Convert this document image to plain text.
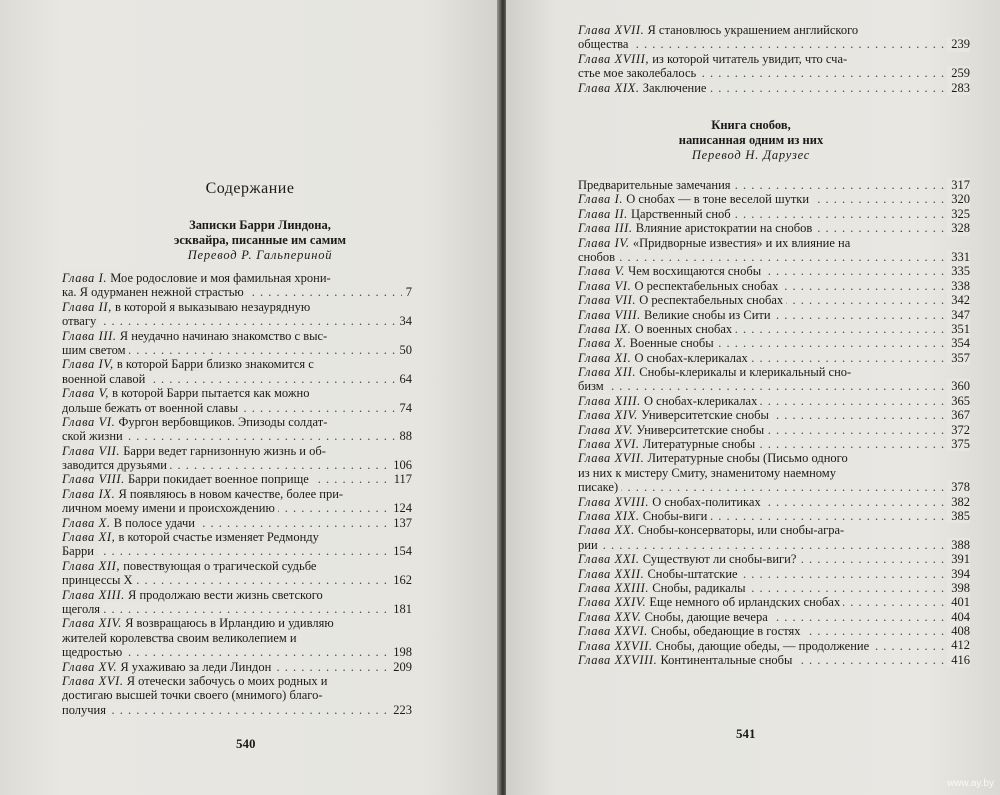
Содержание
Записки Барри Линдона,
эсквайра, писанные им самим
Перевод Р. Гальпериной
Глава I. Мое родословие и моя фамильная хрони-
ка. Я одурманен нежной страстью . . .	7
Глава II, в которой я выказываю незаурядную
отвагу . . .	34
Глава III. Я неудачно начинаю знакомство с выс-
шим светом . . .	50
Глава IV, в которой Барри близко знакомится с
военной славой . . .	64
Глава V, в которой Барри пытается как можно
дольше бежать от военной славы . . .	74
Глава VI. Фургон вербовщиков. Эпизоды солдат-
ской жизни . . .	88
Глава VII. Барри ведет гарнизонную жизнь и об-
заводится друзьями . . .	106
Глава VIII. Барри покидает военное поприще . . .	117
Глава IX. Я появляюсь в новом качестве, более при-
личном моему имени и происхождению . . .	124
Глава X. В полосе удачи . . .	137
Глава XI, в которой счастье изменяет Редмонду
Барри . . .	154
Глава XII, повествующая о трагической судьбе
принцессы X . . .	162
Глава XIII. Я продолжаю вести жизнь светского
щеголя . . .	181
Глава XIV. Я возвращаюсь в Ирландию и удивляю
жителей королевства своим великолепием и
щедростью . . .	198
Глава XV. Я ухаживаю за леди Линдон . . .	209
Глава XVI. Я отечески забочусь о моих родных и
достигаю высшей точки своего (мнимого) благо-
получия . . .	223
540
Глава XVII. Я становлюсь украшением английского
общества . . .	239
Глава XVIII, из которой читатель увидит, что сча-
стье мое заколебалось . . .	259
Глава XIX. Заключение . . .	283
Книга снобов,
написанная одним из них
Перевод Н. Дарузес
Предварительные замечания . . .	317
Глава I. О снобах — в тоне веселой шутки . . .	320
Глава II. Царственный сноб . . .	325
Глава III. Влияние аристократии на снобов . . .	328
Глава IV. «Придворные известия» и их влияние на
снобов . . .	331
Глава V. Чем восхищаются снобы . . .	335
Глава VI. О респектабельных снобах . . .	338
Глава VII. О респектабельных снобах . . .	342
Глава VIII. Великие снобы из Сити . . .	347
Глава IX. О военных снобах . . .	351
Глава X. Военные снобы . . .	354
Глава XI. О снобах-клерикалах . . .	357
Глава XII. Снобы-клерикалы и клерикальный сно-
бизм . . .	360
Глава XIII. О снобах-клерикалах . . .	365
Глава XIV. Университетские снобы . . .	367
Глава XV. Университетские снобы . . .	372
Глава XVI. Литературные снобы . . .	375
Глава XVII. Литературные снобы (Письмо одного
из них к мистеру Смиту, знаменитому наемному
писаке) . . .	378
Глава XVIII. О снобах-политиках . . .	382
Глава XIX. Снобы-виги . . .	385
Глава XX. Снобы-консерваторы, или снобы-агра-
рии . . .	388
Глава XXI. Существуют ли снобы-виги? . . .	391
Глава XXII. Снобы-штатские . . .	394
Глава XXIII. Снобы, радикалы . . .	398
Глава XXIV. Еще немного об ирландских снобах . . .	401
Глава XXV. Снобы, дающие вечера . . .	404
Глава XXVI. Снобы, обедающие в гостях . . .	408
Глава XXVII. Снобы, дающие обеды, — продолжение . . .	412
Глава XXVIII. Континентальные снобы . . .	416
541
www.ay.by
